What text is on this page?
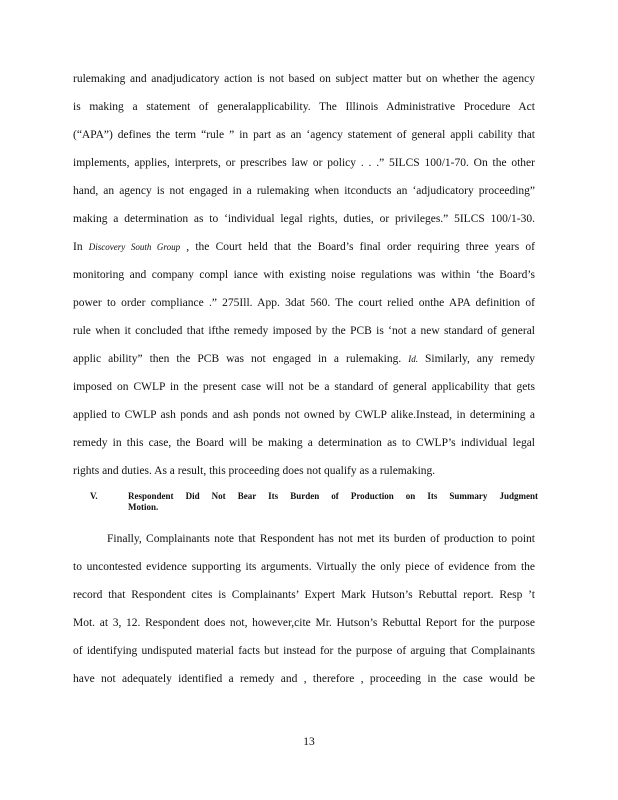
rulemaking and anadjudicatory action is not based on subject matter but on whether the agency
is making a statement of generalapplicability. The Illinois Administrative Procedure Act
(“APA”) defines the term “rule ” in part as an ‘agency statement of general appli cability that
implements, applies, interprets, or prescribes law or policy . . .” 5ILCS 100/1-70. On the other
hand, an agency is not engaged in a rulemaking when itconducts an ‘adjudicatory proceeding”
making a determination as to ‘individual legal rights, duties, or privileges.” 5ILCS 100/1-30.
In Discovery South Group , the Court held that the Board’s final order requiring three years of
monitoring and company compl iance with existing noise regulations was within ‘the Board’s
power to order compliance .” 275Ill. App. 3dat 560. The court relied onthe APA definition of
rule when it concluded that ifthe remedy imposed by the PCB is ‘not a new standard of general
applic ability” then the PCB was not engaged in a rulemaking. Id. Similarly, any remedy
imposed on CWLP in the present case will not be a standard of general applicability that gets
applied to CWLP ash ponds and ash ponds not owned by CWLP alike.Instead, in determining a
remedy in this case, the Board will be making a determination as to CWLP’s individual legal
rights and duties. As a result, this proceeding does not qualify as a rulemaking.
V.	Respondent Did Not Bear Its Burden of Production on Its Summary Judgment
Motion.
Finally, Complainants note that Respondent has not met its burden of production to point
to uncontested evidence supporting its arguments. Virtually the only piece of evidence from the
record that Respondent cites is Complainants’ Expert Mark Hutson’s Rebuttal report. Resp ’t
Mot. at 3, 12. Respondent does not, however,cite Mr. Hutson’s Rebuttal Report for the purpose
of identifying undisputed material facts but instead for the purpose of arguing that Complainants
have not adequately identified a remedy and , therefore , proceeding in the case would be
13
